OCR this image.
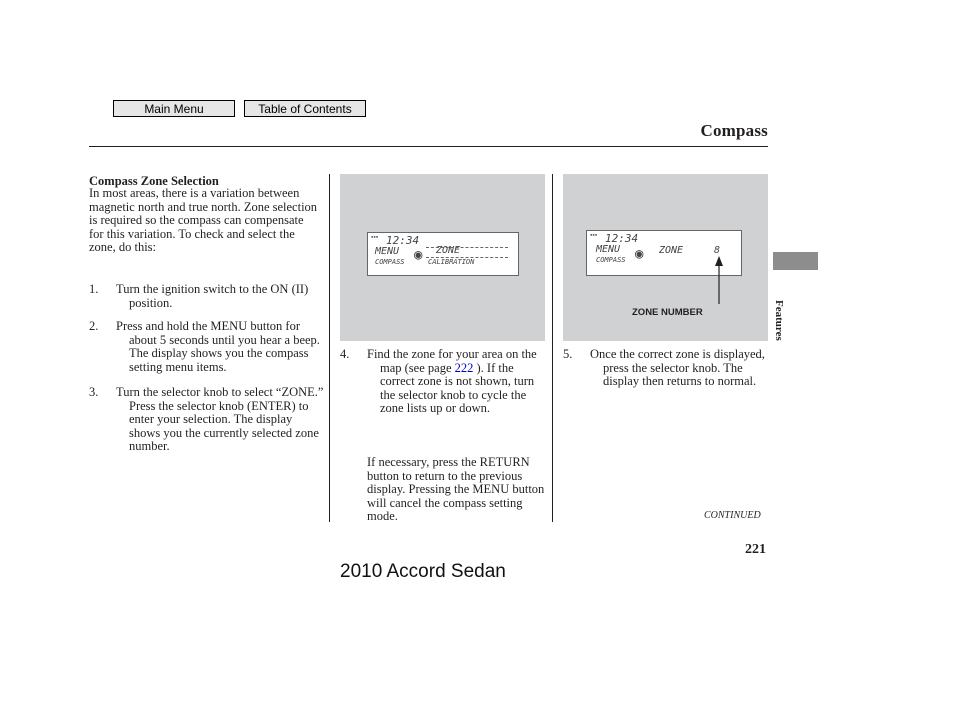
Main Menu	Table of Contents
Compass
Features
Compass Zone Selection
In most areas, there is a variation between magnetic north and true north. Zone selection is required so the compass can compensate for this variation. To check and select the zone, do this:
1. Turn the ignition switch to the ON (II) position.
2. Press and hold the MENU button for about 5 seconds until you hear a beep. The display shows you the compass setting menu items.
3. Turn the selector knob to select “ZONE.” Press the selector knob (ENTER) to enter your selection. The display shows you the currently selected zone number.
▪▪▪ 12:34
MENU
COMPASS ◉ ZONE
CALIBRATION
▪▪▪ 12:34
MENU
COMPASS ◉ ZONE	8
ZONE NUMBER
4. Find the zone for your area on the map (see page 222 ). If the correct zone is not shown, turn the selector knob to cycle the zone lists up or down.
If necessary, press the RETURN button to return to the previous display. Pressing the MENU button will cancel the compass setting mode.
5. Once the correct zone is displayed, press the selector knob. The display then returns to normal.
CONTINUED
221
2010 Accord Sedan
